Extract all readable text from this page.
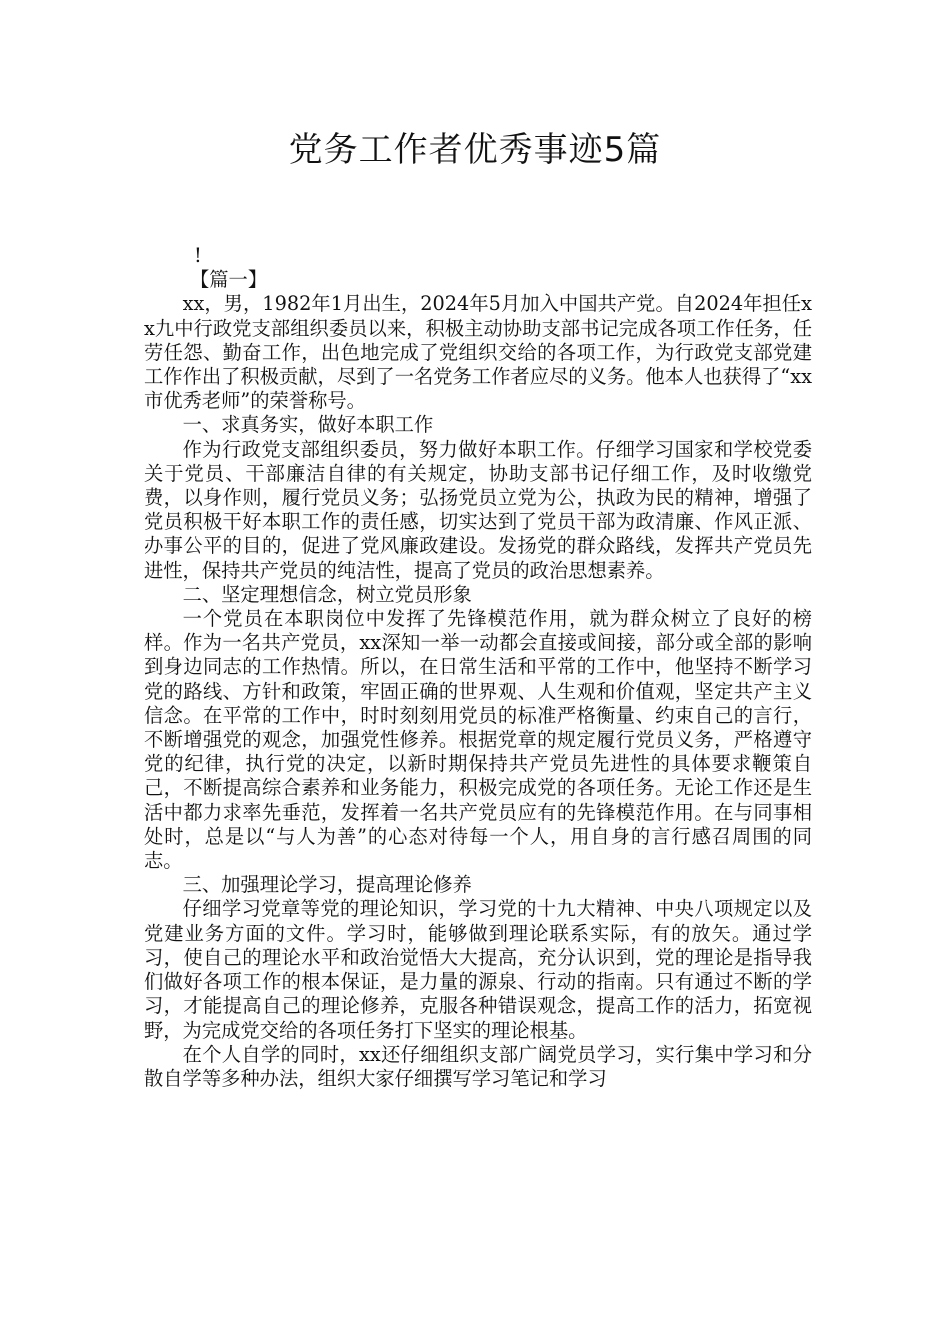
党务工作者优秀事迹5篇

!

【篇一】

xx，男，1982年1月出生，2024年5月加入中国共产党。自2024年担任xx九中行政党支部组织委员以来，积极主动协助支部书记完成各项工作任务，任劳任怨、勤奋工作，出色地完成了党组织交给的各项工作，为行政党支部党建工作作出了积极贡献，尽到了一名党务工作者应尽的义务。他本人也获得了“xx市优秀老师”的荣誉称号。

一、求真务实，做好本职工作

作为行政党支部组织委员，努力做好本职工作。仔细学习国家和学校党委关于党员、干部廉洁自律的有关规定，协助支部书记仔细工作，及时收缴党费，以身作则，履行党员义务；弘扬党员立党为公，执政为民的精神，增强了党员积极干好本职工作的责任感，切实达到了党员干部为政清廉、作风正派、办事公平的目的，促进了党风廉政建设。发扬党的群众路线，发挥共产党员先进性，保持共产党员的纯洁性，提高了党员的政治思想素养。

二、坚定理想信念，树立党员形象

一个党员在本职岗位中发挥了先锋模范作用，就为群众树立了良好的榜样。作为一名共产党员，xx深知一举一动都会直接或间接，部分或全部的影响到身边同志的工作热情。所以，在日常生活和平常的工作中，他坚持不断学习党的路线、方针和政策，牢固正确的世界观、人生观和价值观，坚定共产主义信念。在平常的工作中，时时刻刻用党员的标准严格衡量、约束自己的言行，不断增强党的观念，加强党性修养。根据党章的规定履行党员义务，严格遵守党的纪律，执行党的决定，以新时期保持共产党员先进性的具体要求鞭策自己，不断提高综合素养和业务能力，积极完成党的各项任务。无论工作还是生活中都力求率先垂范，发挥着一名共产党员应有的先锋模范作用。在与同事相处时，总是以“与人为善”的心态对待每一个人，用自身的言行感召周围的同志。

三、加强理论学习，提高理论修养

仔细学习党章等党的理论知识，学习党的十九大精神、中央八项规定以及党建业务方面的文件。学习时，能够做到理论联系实际，有的放矢。通过学习，使自己的理论水平和政治觉悟大大提高，充分认识到，党的理论是指导我们做好各项工作的根本保证，是力量的源泉、行动的指南。只有通过不断的学习，才能提高自己的理论修养，克服各种错误观念，提高工作的活力，拓宽视野，为完成党交给的各项任务打下坚实的理论根基。

在个人自学的同时，xx还仔细组织支部广阔党员学习，实行集中学习和分散自学等多种办法，组织大家仔细撰写学习笔记和学习
